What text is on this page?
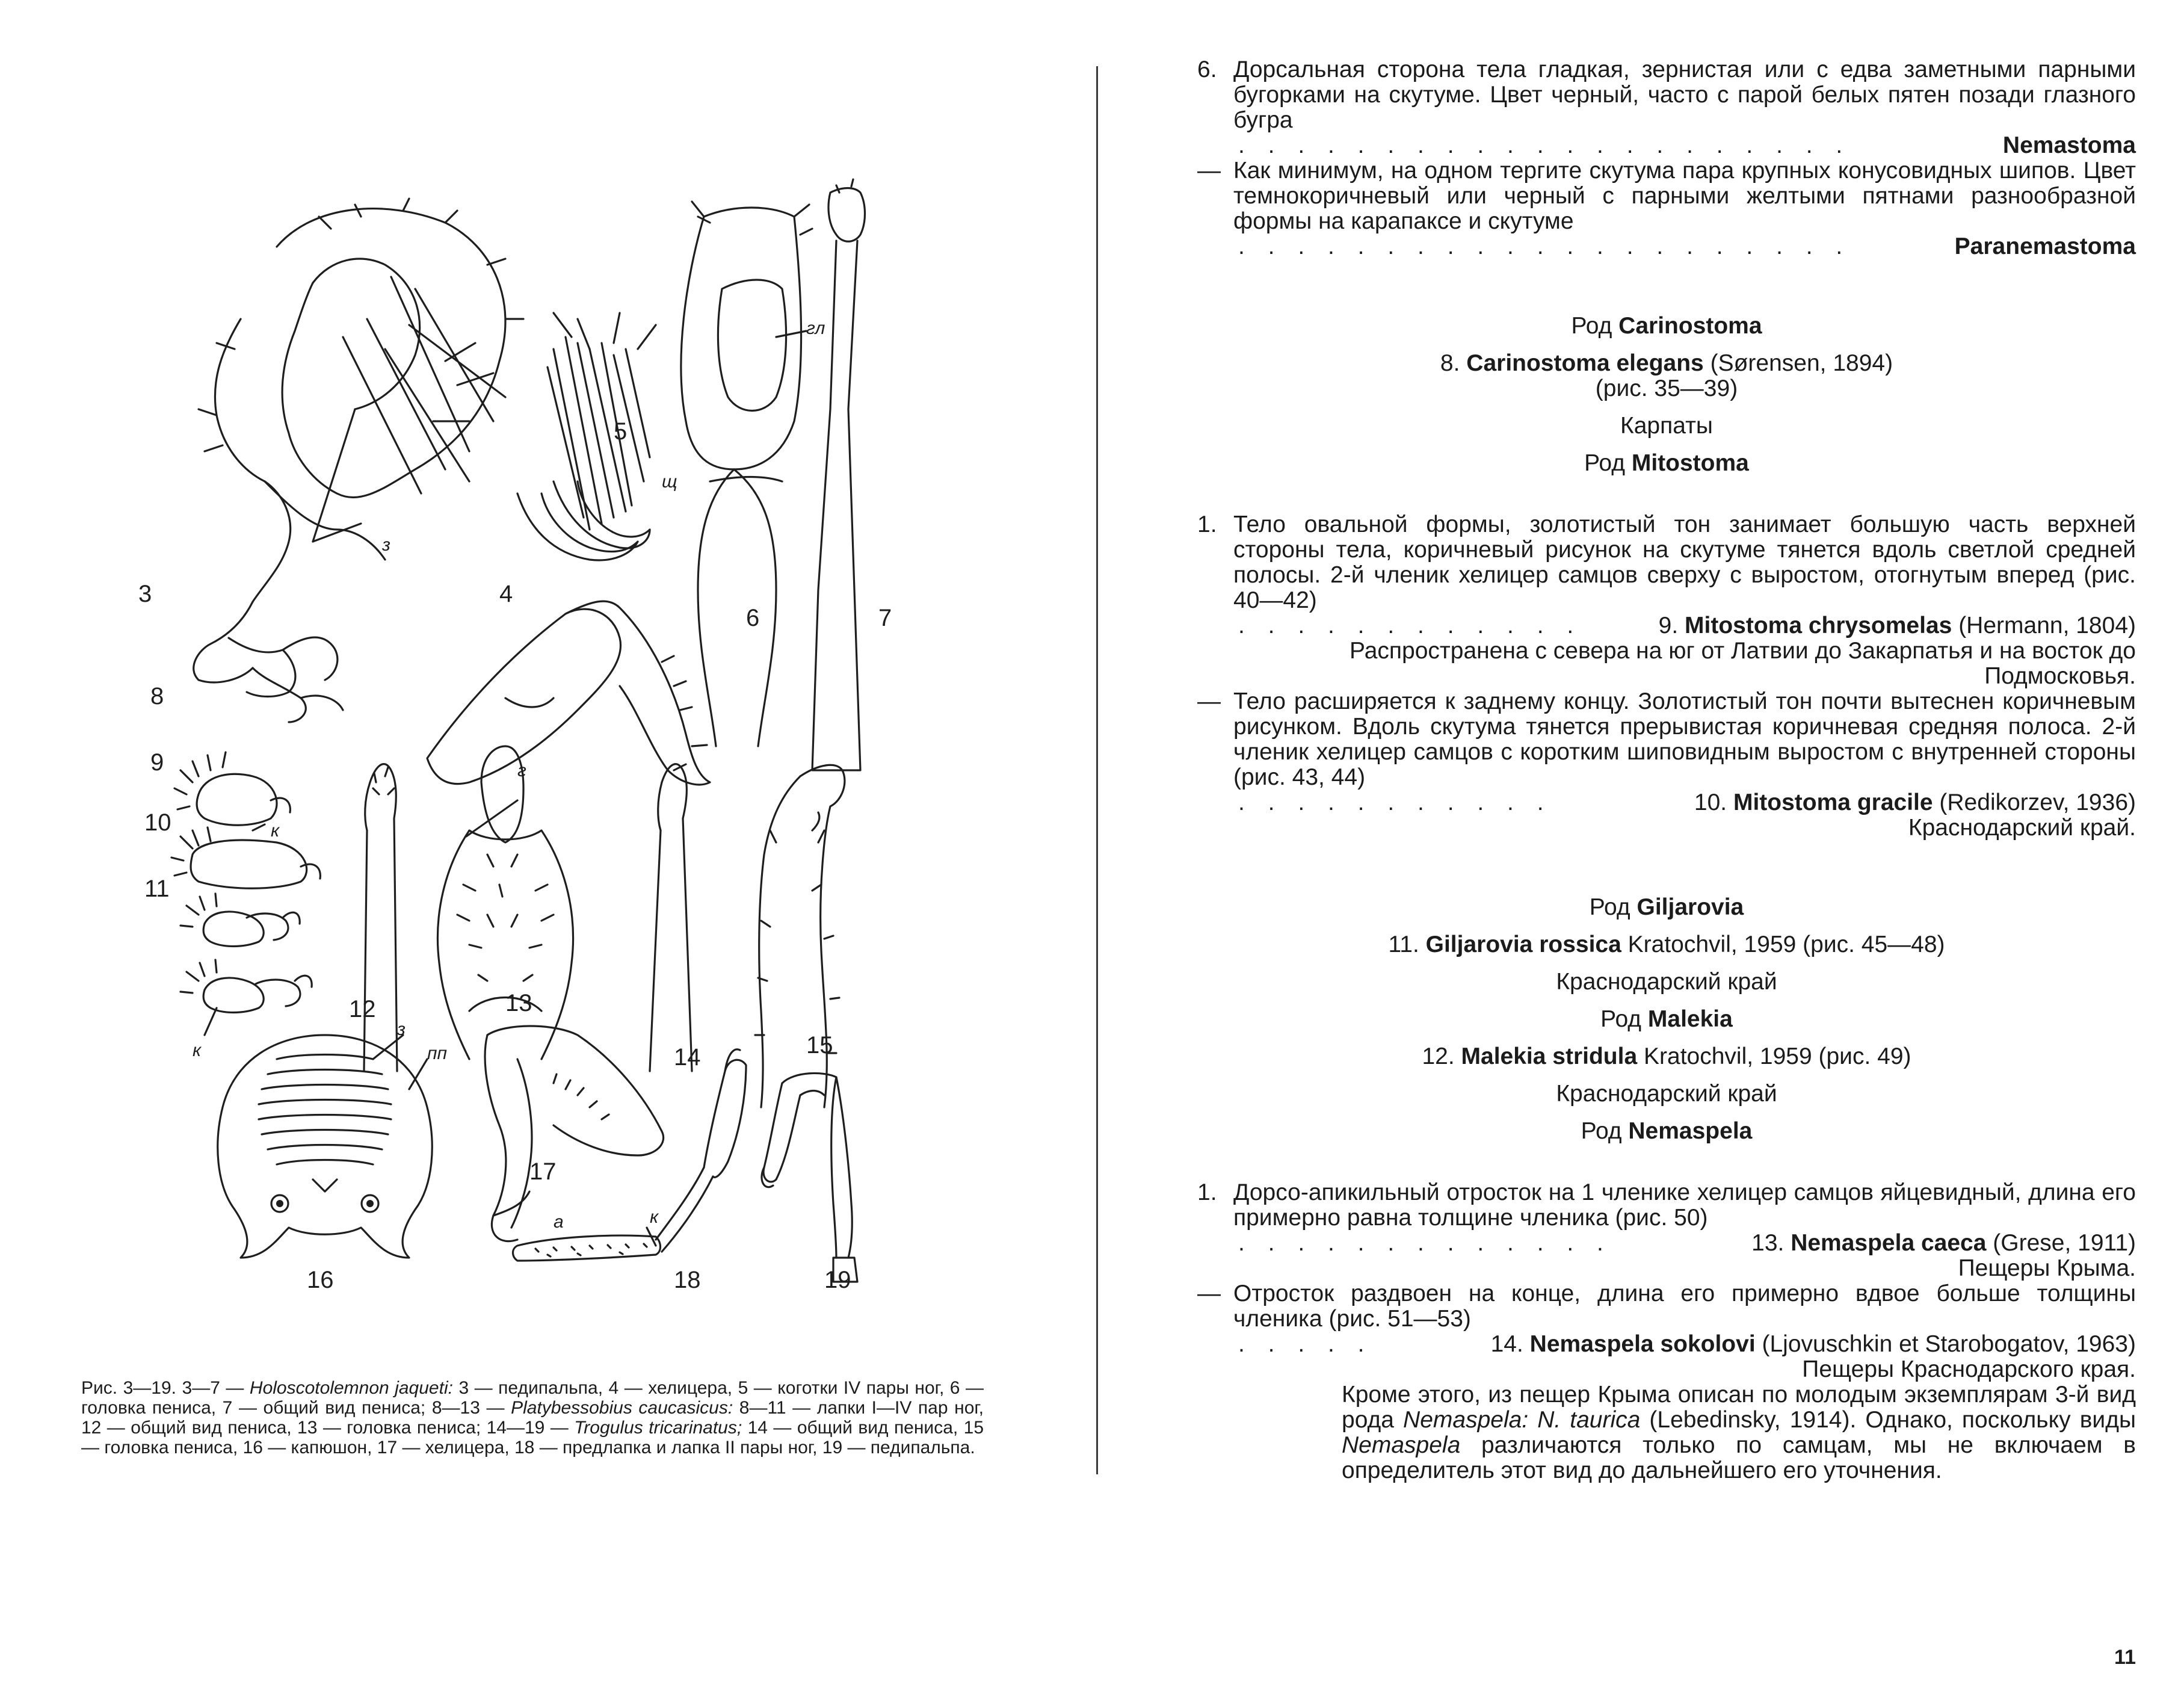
з
щ
гл
к
к
г
з
пп
а	к
3	4
5
6	7
8
9
10
11
12	13
14	15
16
17
18	19
Рис. 3—19. 3—7 — Holoscotolemnon jaqueti: 3 — педипальпа, 4 — хелицера, 5 — коготки IV пары ног, 6 — головка пениса, 7 — общий вид пениса; 8—13 — Platybessobius caucasicus: 8—11 — лапки I—IV пар ног, 12 — общий вид пениса, 13 — головка пениса; 14—19 — Trogulus tricarinatus; 14 — общий вид пениса, 15 — головка пениса, 16 — капюшон, 17 — хелицера, 18 — предлапка и лапка II пары ног, 19 — педипальпа.
6. Дорсальная сторона тела гладкая, зернистая или с едва заметными парными бугорками на скутуме. Цвет черный, часто с парой белых пятен позади глазного бугра
. . . . . . . . . . . . . . . . . . . . .	Nemastoma
— Как минимум, на одном тергите скутума пара крупных конусовидных шипов. Цвет темнокоричневый или черный с парными желтыми пятнами разнообразной формы на карапаксе и скутуме
. . . . . . . . . . . . . . . . . . . . .	Paranemastoma
Род Carinostoma
8. Carinostoma elegans (Sørensen, 1894)
(рис. 35—39)
Карпаты
Род Mitostoma
1. Тело овальной формы, золотистый тон занимает большую часть верхней стороны тела, коричневый рисунок на скутуме тянется вдоль светлой средней полосы. 2-й членик хелицер самцов сверху с выростом, отогнутым вперед (рис. 40—42)
. . . . . . . . . . . .	9. Mitostoma chrysomelas (Hermann, 1804)
Распространена с севера на юг от Латвии до Закарпатья и на восток до Подмосковья.
— Тело расширяется к заднему концу. Золотистый тон почти вытеснен коричневым рисунком. Вдоль скутума тянется прерывистая коричневая средняя полоса. 2-й членик хелицер самцов с коротким шиповидным выростом с внутренней стороны (рис. 43, 44)
. . . . . . . . . . .	10. Mitostoma gracile (Redikorzev, 1936)
Краснодарский край.
Род Giljarovia
11. Giljarovia rossica Kratochvil, 1959 (рис. 45—48)
Краснодарский край
Род Malekia
12. Malekia stridula Kratochvil, 1959 (рис. 49)
Краснодарский край
Род Nemaspela
1. Дорсо-апикильный отросток на 1 членике хелицер самцов яйцевидный, длина его примерно равна толщине членика (рис. 50)
. . . . . . . . . . . . .	13. Nemaspela caeca (Grese, 1911)
Пещеры Крыма.
— Отросток раздвоен на конце, длина его примерно вдвое больше толщины членика (рис. 51—53)
. . . . .	14. Nemaspela sokolovi (Ljovuschkin et Starobogatov, 1963)
Пещеры Краснодарского края.
Кроме этого, из пещер Крыма описан по молодым экземплярам 3-й вид рода Nemaspela: N. taurica (Lebedinsky, 1914). Однако, поскольку виды Nemaspela различаются только по самцам, мы не включаем в определитель этот вид до дальнейшего его уточнения.
11
